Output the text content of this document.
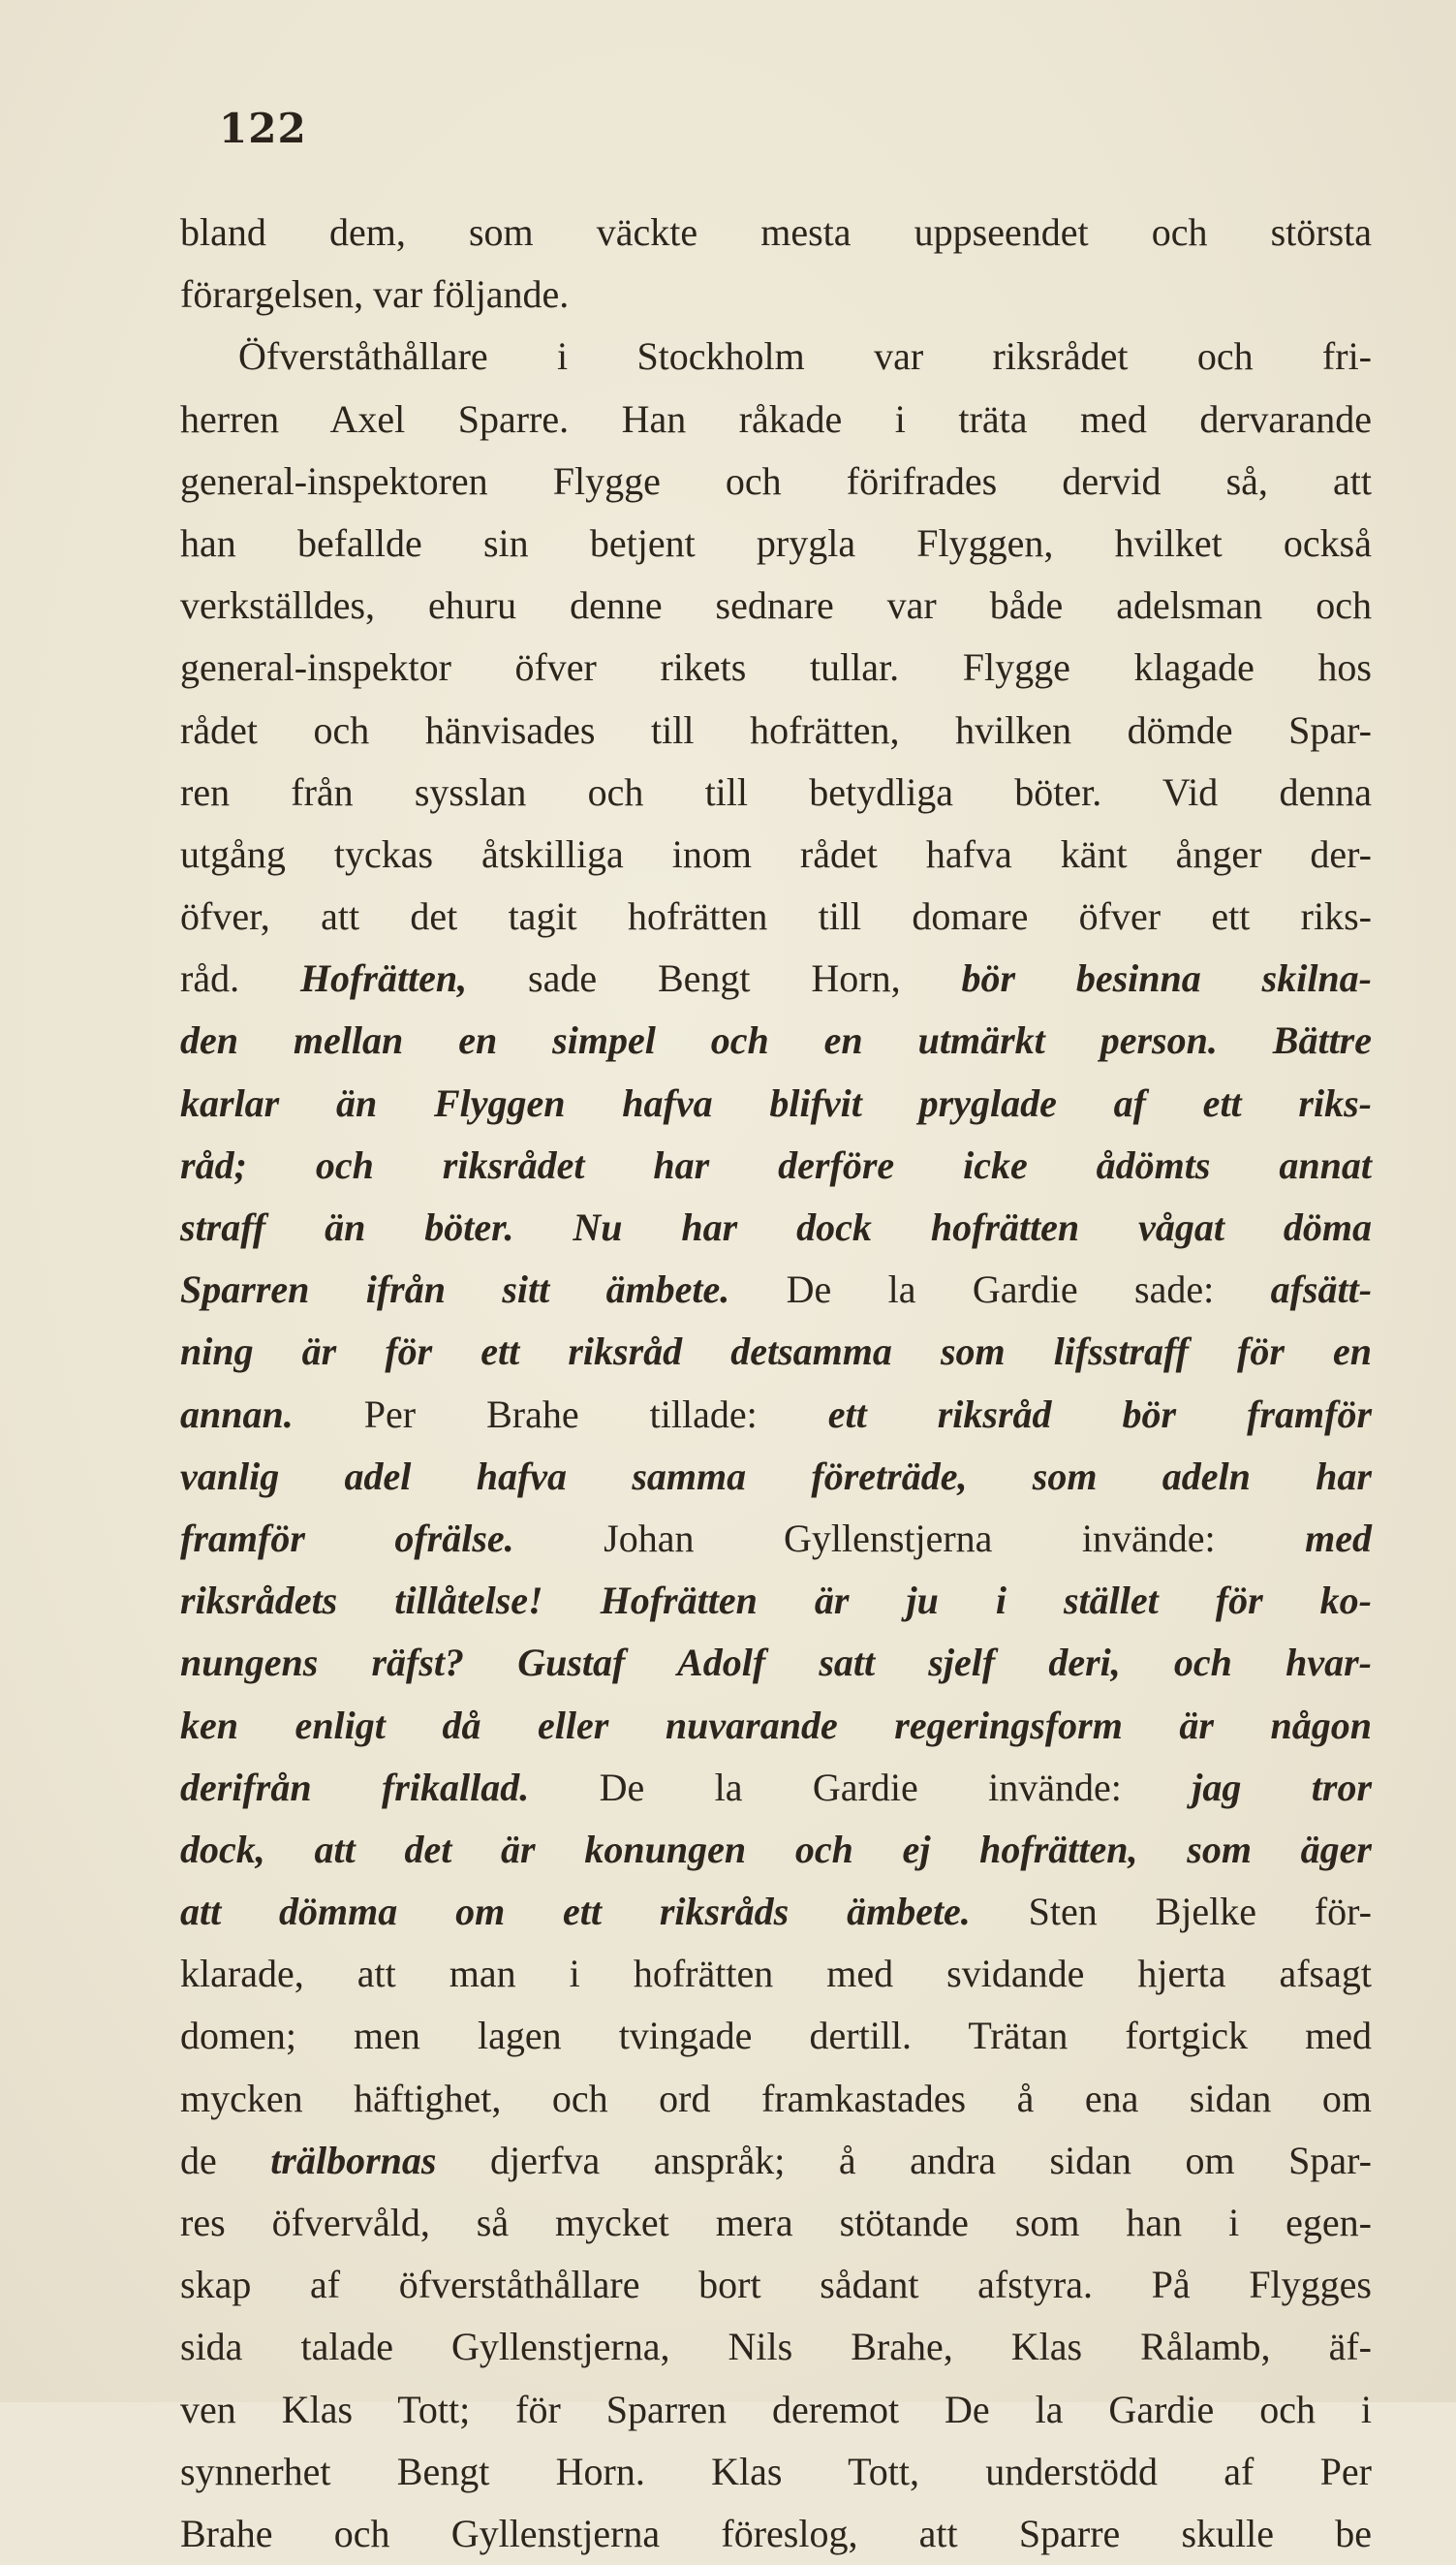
122
bland dem, som väckte mesta uppseendet och största
förargelsen, var följande.
Öfverståthållare i Stockholm var riksrådet och fri-
herren Axel Sparre. Han råkade i träta med dervarande
general-inspektoren Flygge och förifrades dervid så, att
han befallde sin betjent prygla Flyggen, hvilket också
verkställdes, ehuru denne sednare var både adelsman och
general-inspektor öfver rikets tullar. Flygge klagade hos
rådet och hänvisades till hofrätten, hvilken dömde Spar-
ren från sysslan och till betydliga böter. Vid denna
utgång tyckas åtskilliga inom rådet hafva känt ånger der-
öfver, att det tagit hofrätten till domare öfver ett riks-
råd. Hofrätten, sade Bengt Horn, bör besinna skilna-
den mellan en simpel och en utmärkt person. Bättre
karlar än Flyggen hafva blifvit pryglade af ett riks-
råd; och riksrådet har derföre icke ådömts annat
straff än böter. Nu har dock hofrätten vågat döma
Sparren ifrån sitt ämbete. De la Gardie sade: afsätt-
ning är för ett riksråd detsamma som lifsstraff för en
annan. Per Brahe tillade: ett riksråd bör framför
vanlig adel hafva samma företräde, som adeln har
framför ofrälse. Johan Gyllenstjerna invände: med
riksrådets tillåtelse! Hofrätten är ju i stället för ko-
nungens räfst? Gustaf Adolf satt sjelf deri, och hvar-
ken enligt då eller nuvarande regeringsform är någon
derifrån frikallad. De la Gardie invände: jag tror
dock, att det är konungen och ej hofrätten, som äger
att dömma om ett riksråds ämbete. Sten Bjelke för-
klarade, att man i hofrätten med svidande hjerta afsagt
domen; men lagen tvingade dertill. Trätan fortgick med
mycken häftighet, och ord framkastades å ena sidan om
de trälbornas djerfva anspråk; å andra sidan om Spar-
res öfvervåld, så mycket mera stötande som han i egen-
skap af öfverståthållare bort sådant afstyra. På Flygges
sida talade Gyllenstjerna, Nils Brahe, Klas Rålamb, äf-
ven Klas Tott; för Sparren deremot De la Gardie och i
synnerhet Bengt Horn. Klas Tott, understödd af Per
Brahe och Gyllenstjerna föreslog, att Sparre skulle be
